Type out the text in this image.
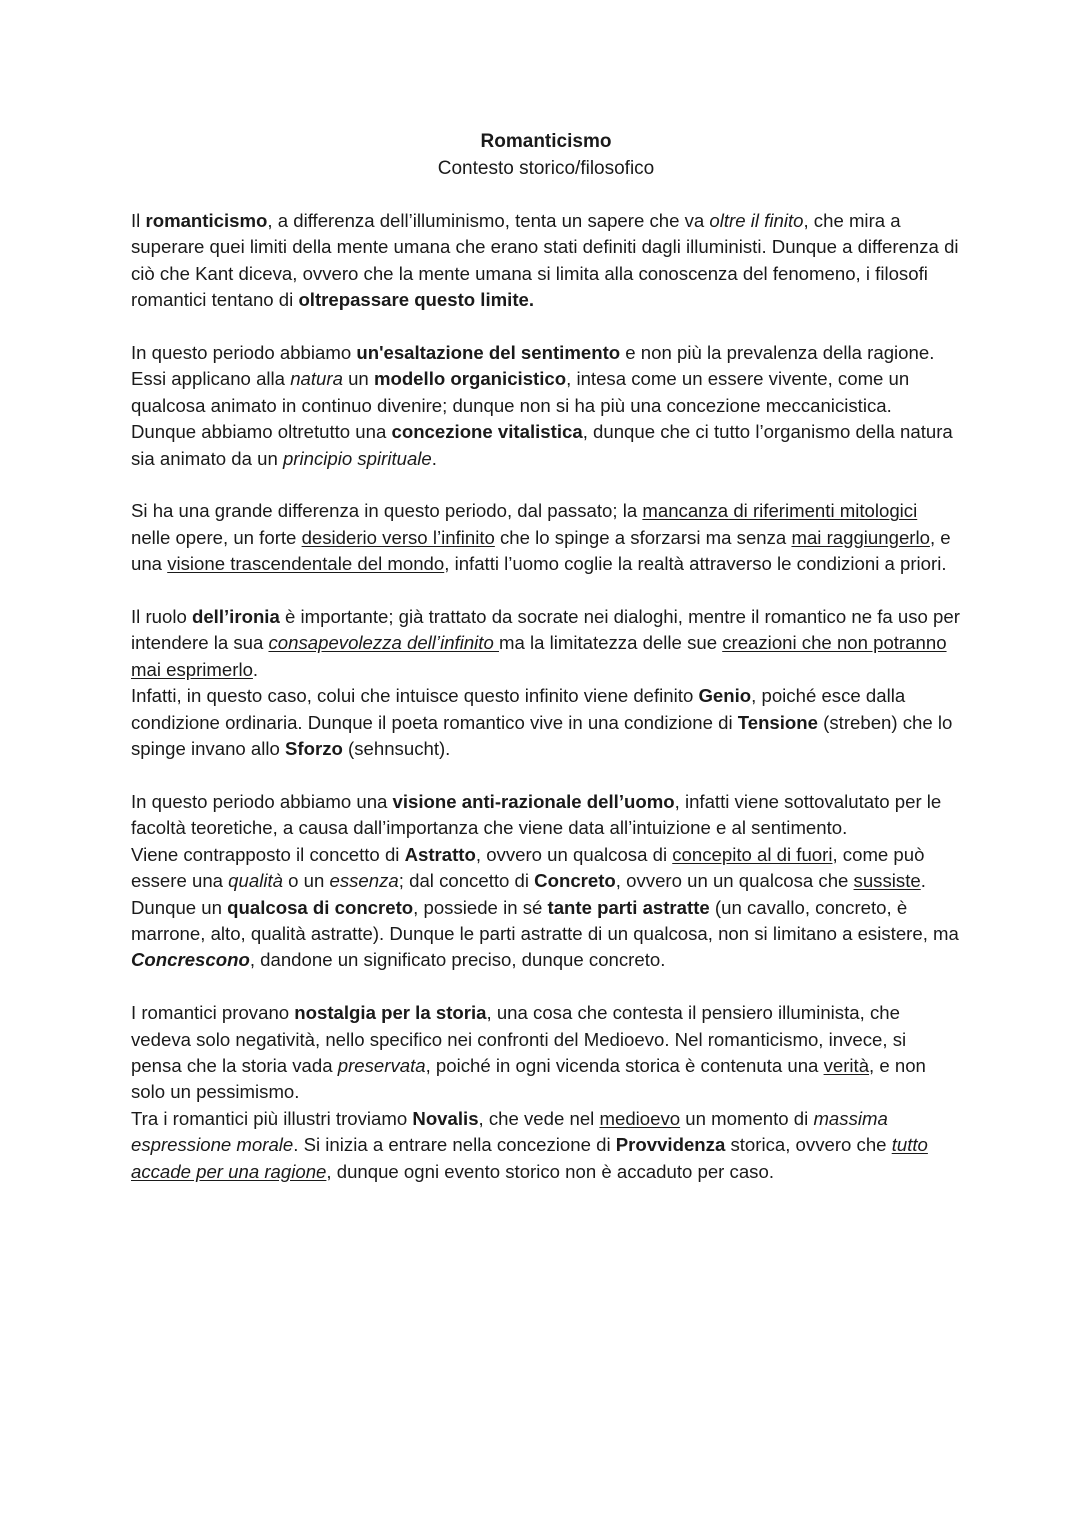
Romanticismo

Contesto storico/filosofico

Il romanticismo, a differenza dell’illuminismo, tenta un sapere che va oltre il finito, che mira a superare quei limiti della mente umana che erano stati definiti dagli illuministi. Dunque a differenza di ciò che Kant diceva, ovvero che la mente umana si limita alla conoscenza del fenomeno, i filosofi romantici tentano di oltrepassare questo limite.

In questo periodo abbiamo un'esaltazione del sentimento e non più la prevalenza della ragione.

Essi applicano alla natura un modello organicistico, intesa come un essere vivente, come un qualcosa animato in continuo divenire; dunque non si ha più una concezione meccanicistica. Dunque abbiamo oltretutto una concezione vitalistica, dunque che ci tutto l’organismo della natura sia animato da un principio spirituale.

Si ha una grande differenza in questo periodo, dal passato; la mancanza di riferimenti mitologici nelle opere, un forte desiderio verso l’infinito che lo spinge a sforzarsi ma senza mai raggiungerlo, e una visione trascendentale del mondo, infatti l’uomo coglie la realtà attraverso le condizioni a priori.

Il ruolo dell’ironia è importante; già trattato da socrate nei dialoghi, mentre il romantico ne fa uso per intendere la sua consapevolezza dell’infinito ma la limitatezza delle sue creazioni che non potranno mai esprimerlo.

Infatti, in questo caso, colui che intuisce questo infinito viene definito Genio, poiché esce dalla condizione ordinaria. Dunque il poeta romantico vive in una condizione di Tensione (streben) che lo spinge invano allo Sforzo (sehnsucht).

In questo periodo abbiamo una visione anti-razionale dell’uomo, infatti viene sottovalutato per le facoltà teoretiche, a causa dall’importanza che viene data all’intuizione e al sentimento.

Viene contrapposto il concetto di Astratto, ovvero un qualcosa di concepito al di fuori, come può essere una qualità o un essenza; dal concetto di Concreto, ovvero un un qualcosa che sussiste. Dunque un qualcosa di concreto, possiede in sé tante parti astratte (un cavallo, concreto, è marrone, alto, qualità astratte). Dunque le parti astratte di un qualcosa, non si limitano a esistere, ma Concrescono, dandone un significato preciso, dunque concreto.

I romantici provano nostalgia per la storia, una cosa che contesta il pensiero illuminista, che vedeva solo negatività, nello specifico nei confronti del Medioevo. Nel romanticismo, invece, si pensa che la storia vada preservata, poiché in ogni vicenda storica è contenuta una verità, e non solo un pessimismo.

Tra i romantici più illustri troviamo Novalis, che vede nel medioevo un momento di massima espressione morale. Si inizia a entrare nella concezione di Provvidenza storica, ovvero che tutto accade per una ragione, dunque ogni evento storico non è accaduto per caso.
